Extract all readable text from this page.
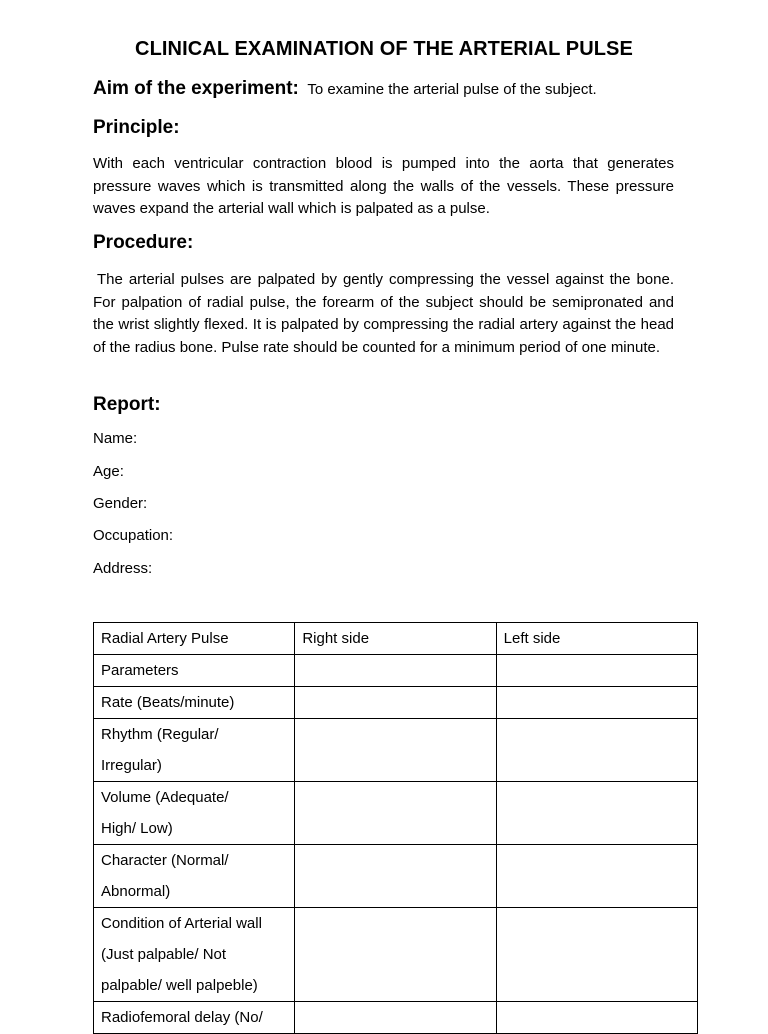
CLINICAL EXAMINATION OF THE ARTERIAL PULSE

Aim of the experiment: To examine the arterial pulse of the subject.

Principle:

With each ventricular contraction blood is pumped into the aorta that generates pressure waves which is transmitted along the walls of the vessels. These pressure waves expand the arterial wall which is palpated as a pulse.

Procedure:

The arterial pulses are palpated by gently compressing the vessel against the bone. For palpation of radial pulse, the forearm of the subject should be semipronated and the wrist slightly flexed. It is palpated by compressing the radial artery against the head of the radius bone. Pulse rate should be counted for a minimum period of one minute.

Report:

Name:

Age:

Gender:

Occupation:

Address:

Radial Artery Pulse	Right side	Left side

Parameters		

Rate (Beats/minute)		

Rhythm (Regular/
Irregular)		

Volume (Adequate/
High/ Low)		

Character (Normal/
Abnormal)		

Condition of Arterial wall
(Just palpable/ Not
palpable/ well palpeble)		

Radiofemoral delay (No/		
